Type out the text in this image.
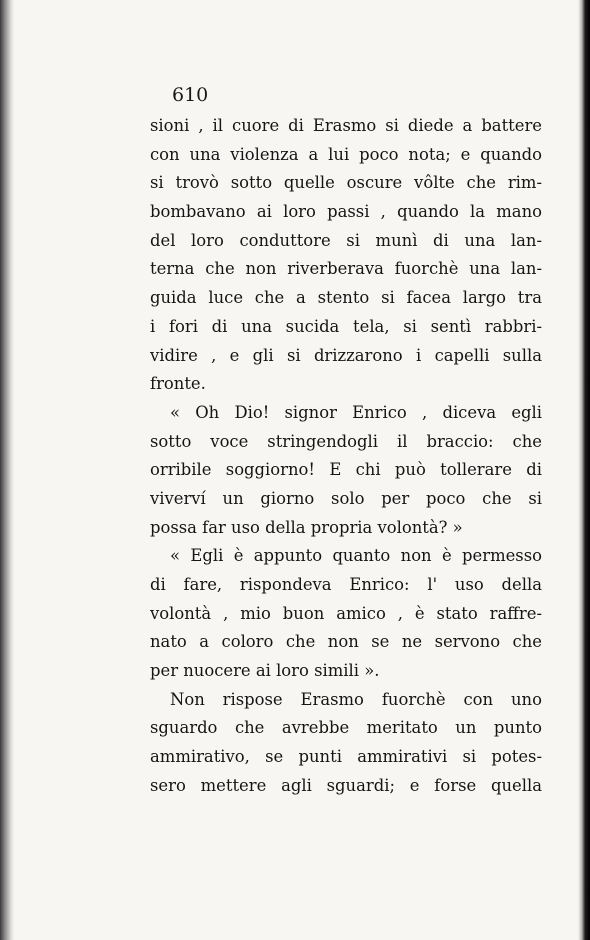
610
sioni , il cuore di Erasmo si diede a battere
con una violenza a lui poco nota; e quando
si trovò sotto quelle oscure vôlte che rim-
bombavano ai loro passi , quando la mano
del loro conduttore si munì di una lan-
terna che non riverberava fuorchè una lan-
guida luce che a stento si facea largo tra
i fori di una sucida tela, si sentì rabbri-
vidire , e gli si drizzarono i capelli sulla
fronte.
« Oh Dio! signor Enrico , diceva egli
sotto voce stringendogli il braccio: che
orribile soggiorno! E chi può tollerare di
viverví un giorno solo per poco che si
possa far uso della propria volontà? »
« Egli è appunto quanto non è permesso
di fare, rispondeva Enrico: l' uso della
volontà , mio buon amico , è stato raffre-
nato a coloro che non se ne servono che
per nuocere ai loro simili ».
Non rispose Erasmo fuorchè con uno
sguardo che avrebbe meritato un punto
ammirativo, se punti ammirativi si potes-
sero mettere agli sguardi; e forse quella
